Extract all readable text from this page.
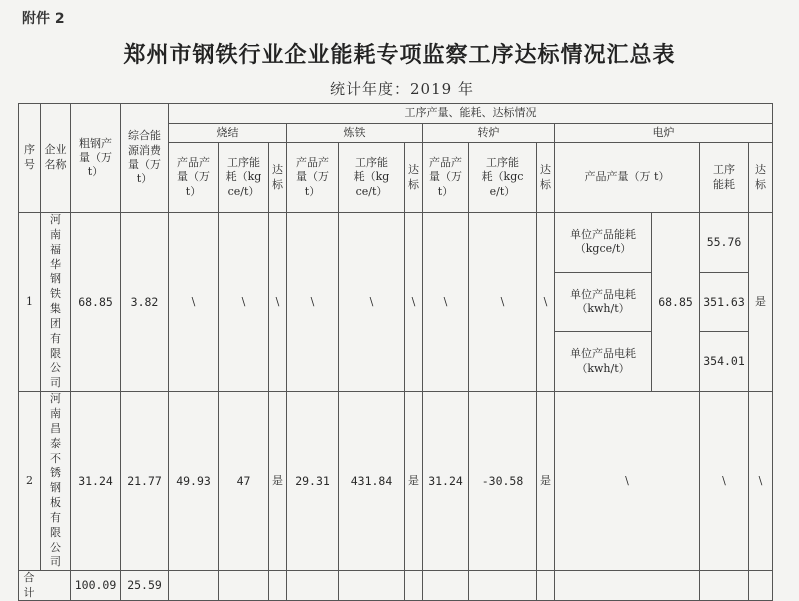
附件 2
郑州市钢铁行业企业能耗专项监察工序达标情况汇总表
统计年度：2019 年
序号	企业名称	粗钢产量（万 t）	综合能源消费量（万 t）	工序产量、能耗、达标情况												
				烧结			炼铁			转炉			电炉			

				产品产量（万 t）	工序能耗（kgce/t）	达标	产品产量（万 t）	工序能耗（kgce/t）	达标	产品产量（万 t）	工序能耗（kgce/t）	达标	产品产量（万 t）		工序能耗	达标

1	河南福华钢铁集团有限公司	68.85	3.82	\	\	\	\	\	\	\	\	\	单位产品能耗（kgce/t）	68.85	55.76	是

													单位产品电耗（kwh/t）		351.63	

													单位产品电耗（kwh/t）		354.01	
2	河南昌泰不锈钢板有限公司	31.24	21.77	49.93	47	是	29.31	431.84	是	31.24	-30.58	是	\		\	\

合计		100.09	25.59													
